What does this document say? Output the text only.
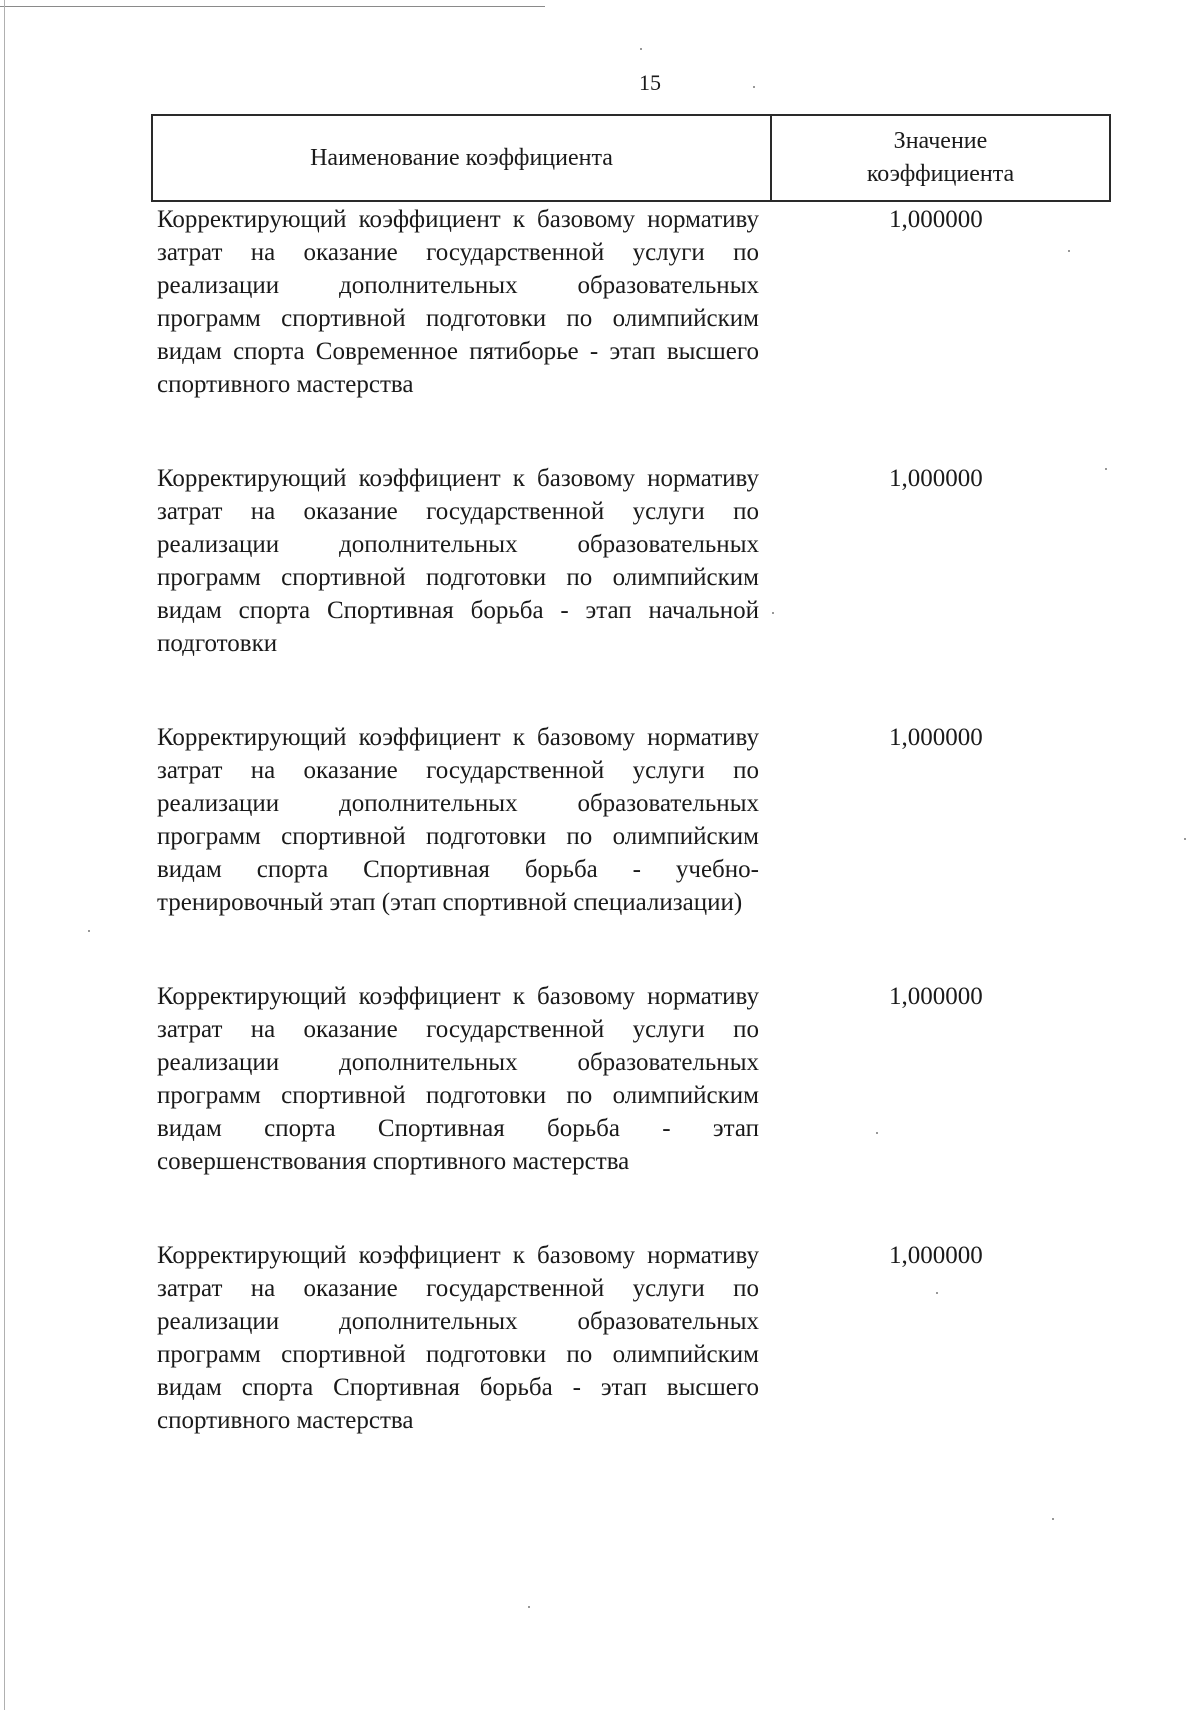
15
Наименование коэффициента
Значение
коэффициента
Корректирующий коэффициент к базовому нормативу затрат на оказание государственной услуги по реализации дополнительных образовательных программ спортивной подготовки по олимпийским видам спорта Современное пятиборье - этап высшего спортивного мастерства
1,000000
Корректирующий коэффициент к базовому нормативу затрат на оказание государственной услуги по реализации дополнительных образовательных программ спортивной подготовки по олимпийским видам спорта Спортивная борьба - этап начальной подготовки
1,000000
Корректирующий коэффициент к базовому нормативу затрат на оказание государственной услуги по реализации дополнительных образовательных программ спортивной подготовки по олимпийским видам спорта Спортивная борьба - учебно-тренировочный этап (этап спортивной специализации)
1,000000
Корректирующий коэффициент к базовому нормативу затрат на оказание государственной услуги по реализации дополнительных образовательных программ спортивной подготовки по олимпийским видам спорта Спортивная борьба - этап совершенствования спортивного мастерства
1,000000
Корректирующий коэффициент к базовому нормативу затрат на оказание государственной услуги по реализации дополнительных образовательных программ спортивной подготовки по олимпийским видам спорта Спортивная борьба - этап высшего спортивного мастерства
1,000000
